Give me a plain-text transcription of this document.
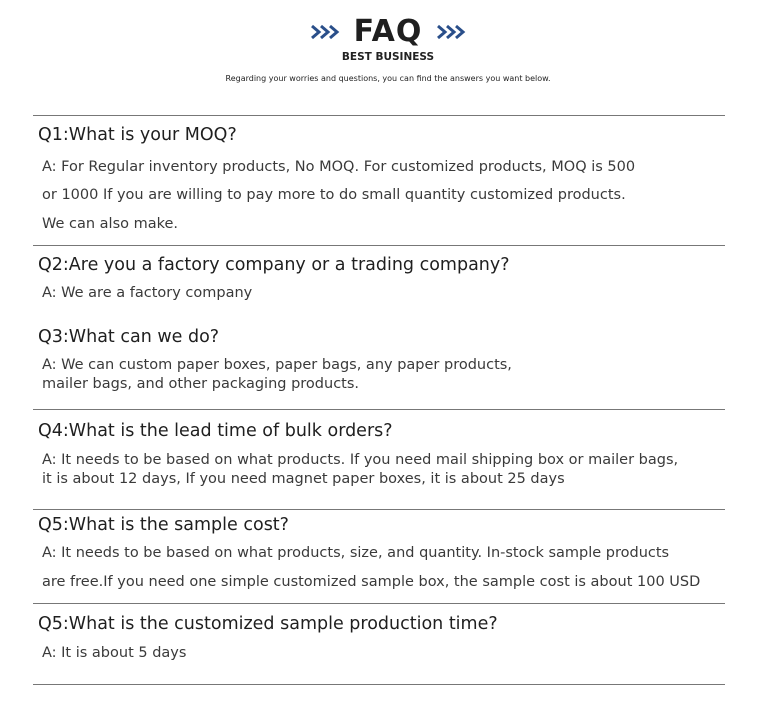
FAQ
BEST BUSINESS
Regarding your worries and questions, you can find the answers you want below.
Q1:What is your MOQ?
A: For Regular inventory products, No MOQ. For customized products, MOQ is 500
or 1000 If you are willing to pay more to do small quantity customized products.
We can also make.
Q2:Are you a factory company or a trading company?
A: We are a factory company
Q3:What can we do?
A: We can custom paper boxes, paper bags, any paper products,
mailer bags, and other packaging products.
Q4:What is the lead time of bulk orders?
A: It needs to be based on what products. If you need mail shipping box or mailer bags,
it is about 12 days, If you need magnet paper boxes, it is about 25 days
Q5:What is the sample cost?
A: It needs to be based on what products, size, and quantity. In-stock sample products
are free.If you need one simple customized sample box, the sample cost is about 100 USD
Q5:What is the customized sample production time?
A: It is about 5 days
